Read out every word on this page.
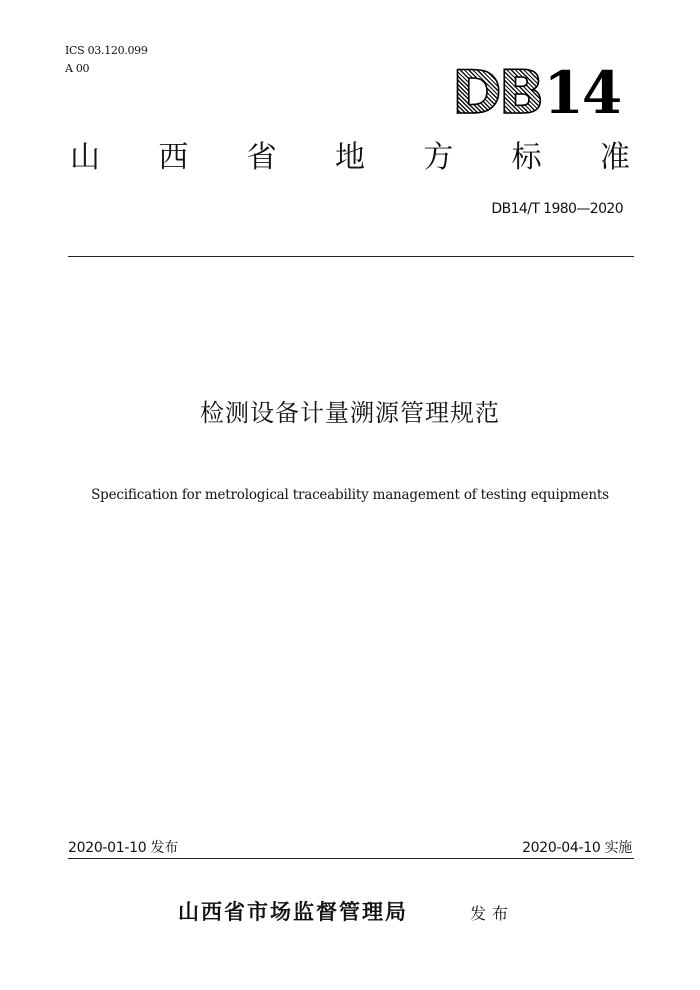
ICS 03.120.099
A 00	DB 14
山 西 省 地 方 标 准
DB14/T 1980—2020
检测设备计量溯源管理规范
Specification for metrological traceability management of testing equipments
2020-01-10 发布	2020-04-10 实施
山西省市场监督管理局	发布
